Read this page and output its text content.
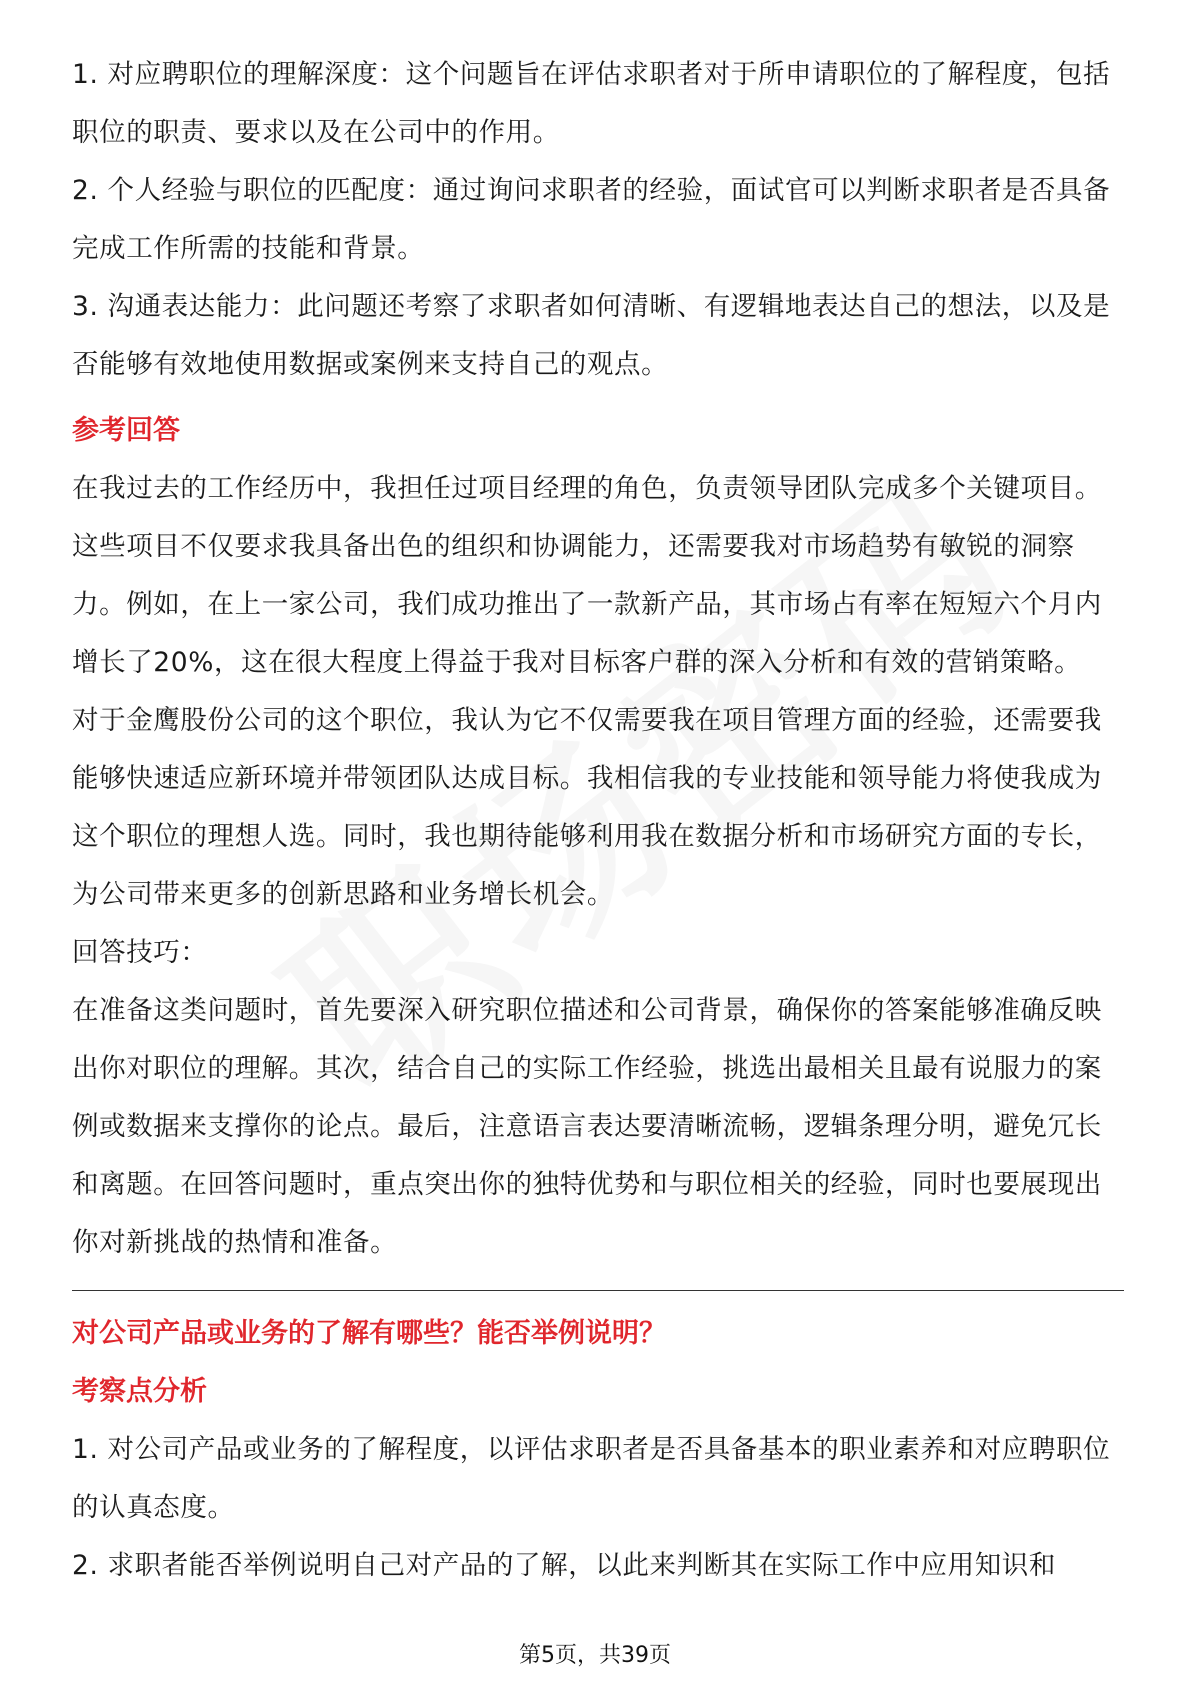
1. 对应聘职位的理解深度：这个问题旨在评估求职者对于所申请职位的了解程度，包括职位的职责、要求以及在公司中的作用。

2. 个人经验与职位的匹配度：通过询问求职者的经验，面试官可以判断求职者是否具备完成工作所需的技能和背景。

3. 沟通表达能力：此问题还考察了求职者如何清晰、有逻辑地表达自己的想法，以及是否能够有效地使用数据或案例来支持自己的观点。

参考回答

在我过去的工作经历中，我担任过项目经理的角色，负责领导团队完成多个关键项目。这些项目不仅要求我具备出色的组织和协调能力，还需要我对市场趋势有敏锐的洞察力。例如，在上一家公司，我们成功推出了一款新产品，其市场占有率在短短六个月内增长了20%，这在很大程度上得益于我对目标客户群的深入分析和有效的营销策略。

对于金鹰股份公司的这个职位，我认为它不仅需要我在项目管理方面的经验，还需要我能够快速适应新环境并带领团队达成目标。我相信我的专业技能和领导能力将使我成为这个职位的理想人选。同时，我也期待能够利用我在数据分析和市场研究方面的专长，为公司带来更多的创新思路和业务增长机会。

回答技巧：

在准备这类问题时，首先要深入研究职位描述和公司背景，确保你的答案能够准确反映出你对职位的理解。其次，结合自己的实际工作经验，挑选出最相关且最有说服力的案例或数据来支撑你的论点。最后，注意语言表达要清晰流畅，逻辑条理分明，避免冗长和离题。在回答问题时，重点突出你的独特优势和与职位相关的经验，同时也要展现出你对新挑战的热情和准备。

对公司产品或业务的了解有哪些？能否举例说明？

考察点分析

1. 对公司产品或业务的了解程度，以评估求职者是否具备基本的职业素养和对应聘职位的认真态度。

2. 求职者能否举例说明自己对产品的了解，以此来判断其在实际工作中应用知识和

第5页，共39页
